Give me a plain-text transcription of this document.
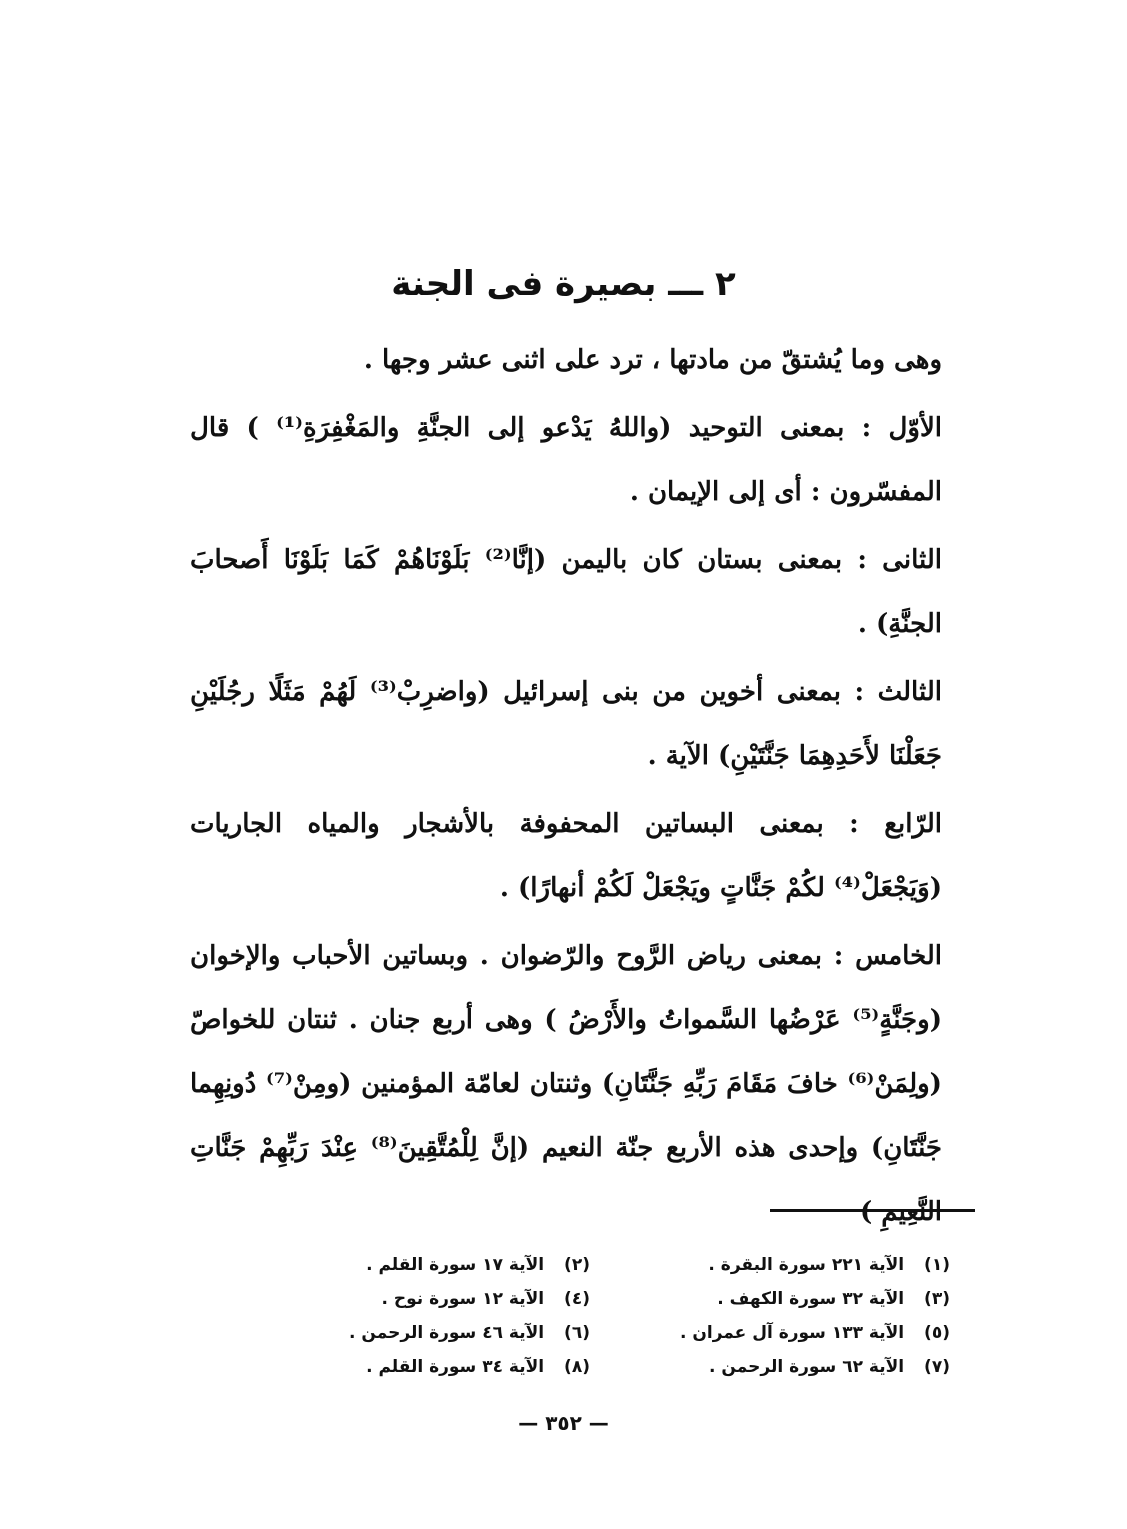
٢ ـــ بصيرة فى الجنة

وهى وما يُشتقّ من مادتها ، ترد على اثنى عشر وجها .

الأوّل : بمعنى التوحيد (واللهُ يَدْعو إلى الجنَّةِ والمَغْفِرَةِ⁽¹⁾ ) قال المفسّرون : أى إلى الإيمان .

الثانى : بمعنى بستان كان باليمن (إنَّا⁽²⁾ بَلَوْنَاهُمْ كَمَا بَلَوْنَا أَصحابَ الجنَّةِ) .

الثالث : بمعنى أخوين من بنى إسرائيل (واضرِبْ⁽³⁾ لَهُمْ مَثَلًا رجُلَيْنِ جَعَلْنَا لأَحَدِهِمَا جَنَّتَيْنِ) الآية .

الرّابع : بمعنى البساتين المحفوفة بالأشجار والمياه الجاريات (وَيَجْعَلْ⁽⁴⁾ لكُمْ جَنَّاتٍ ويَجْعَلْ لَكُمْ أنهارًا) .

الخامس : بمعنى رياض الرَّوح والرّضوان . وبساتين الأحباب والإخوان (وجَنَّةٍ⁽⁵⁾ عَرْضُها السَّمواتُ والأَرْضُ ) وهى أربع جنان . ثنتان للخواصّ (ولِمَنْ⁽⁶⁾ خافَ مَقَامَ رَبِّهِ جَنَّتَانِ) وثنتان لعامّة المؤمنين (ومِنْ⁽⁷⁾ دُونِهِما جَنَّتَانِ) وإحدى هذه الأربع جنّة النعيم (إنَّ لِلْمُتَّقِينَ⁽⁸⁾ عِنْدَ رَبِّهِمْ جَنَّاتِ النَّعِيمِ )

(١) الآية ٢٢١ سورة البقرة .
(٢) الآية ١٧ سورة القلم .
(٣) الآية ٣٢ سورة الكهف .
(٤) الآية ١٢ سورة نوح .
(٥) الآية ١٣٣ سورة آل عمران .
(٦) الآية ٤٦ سورة الرحمن .
(٧) الآية ٦٢ سورة الرحمن .
(٨) الآية ٣٤ سورة القلم .
— ٣٥٢ —
